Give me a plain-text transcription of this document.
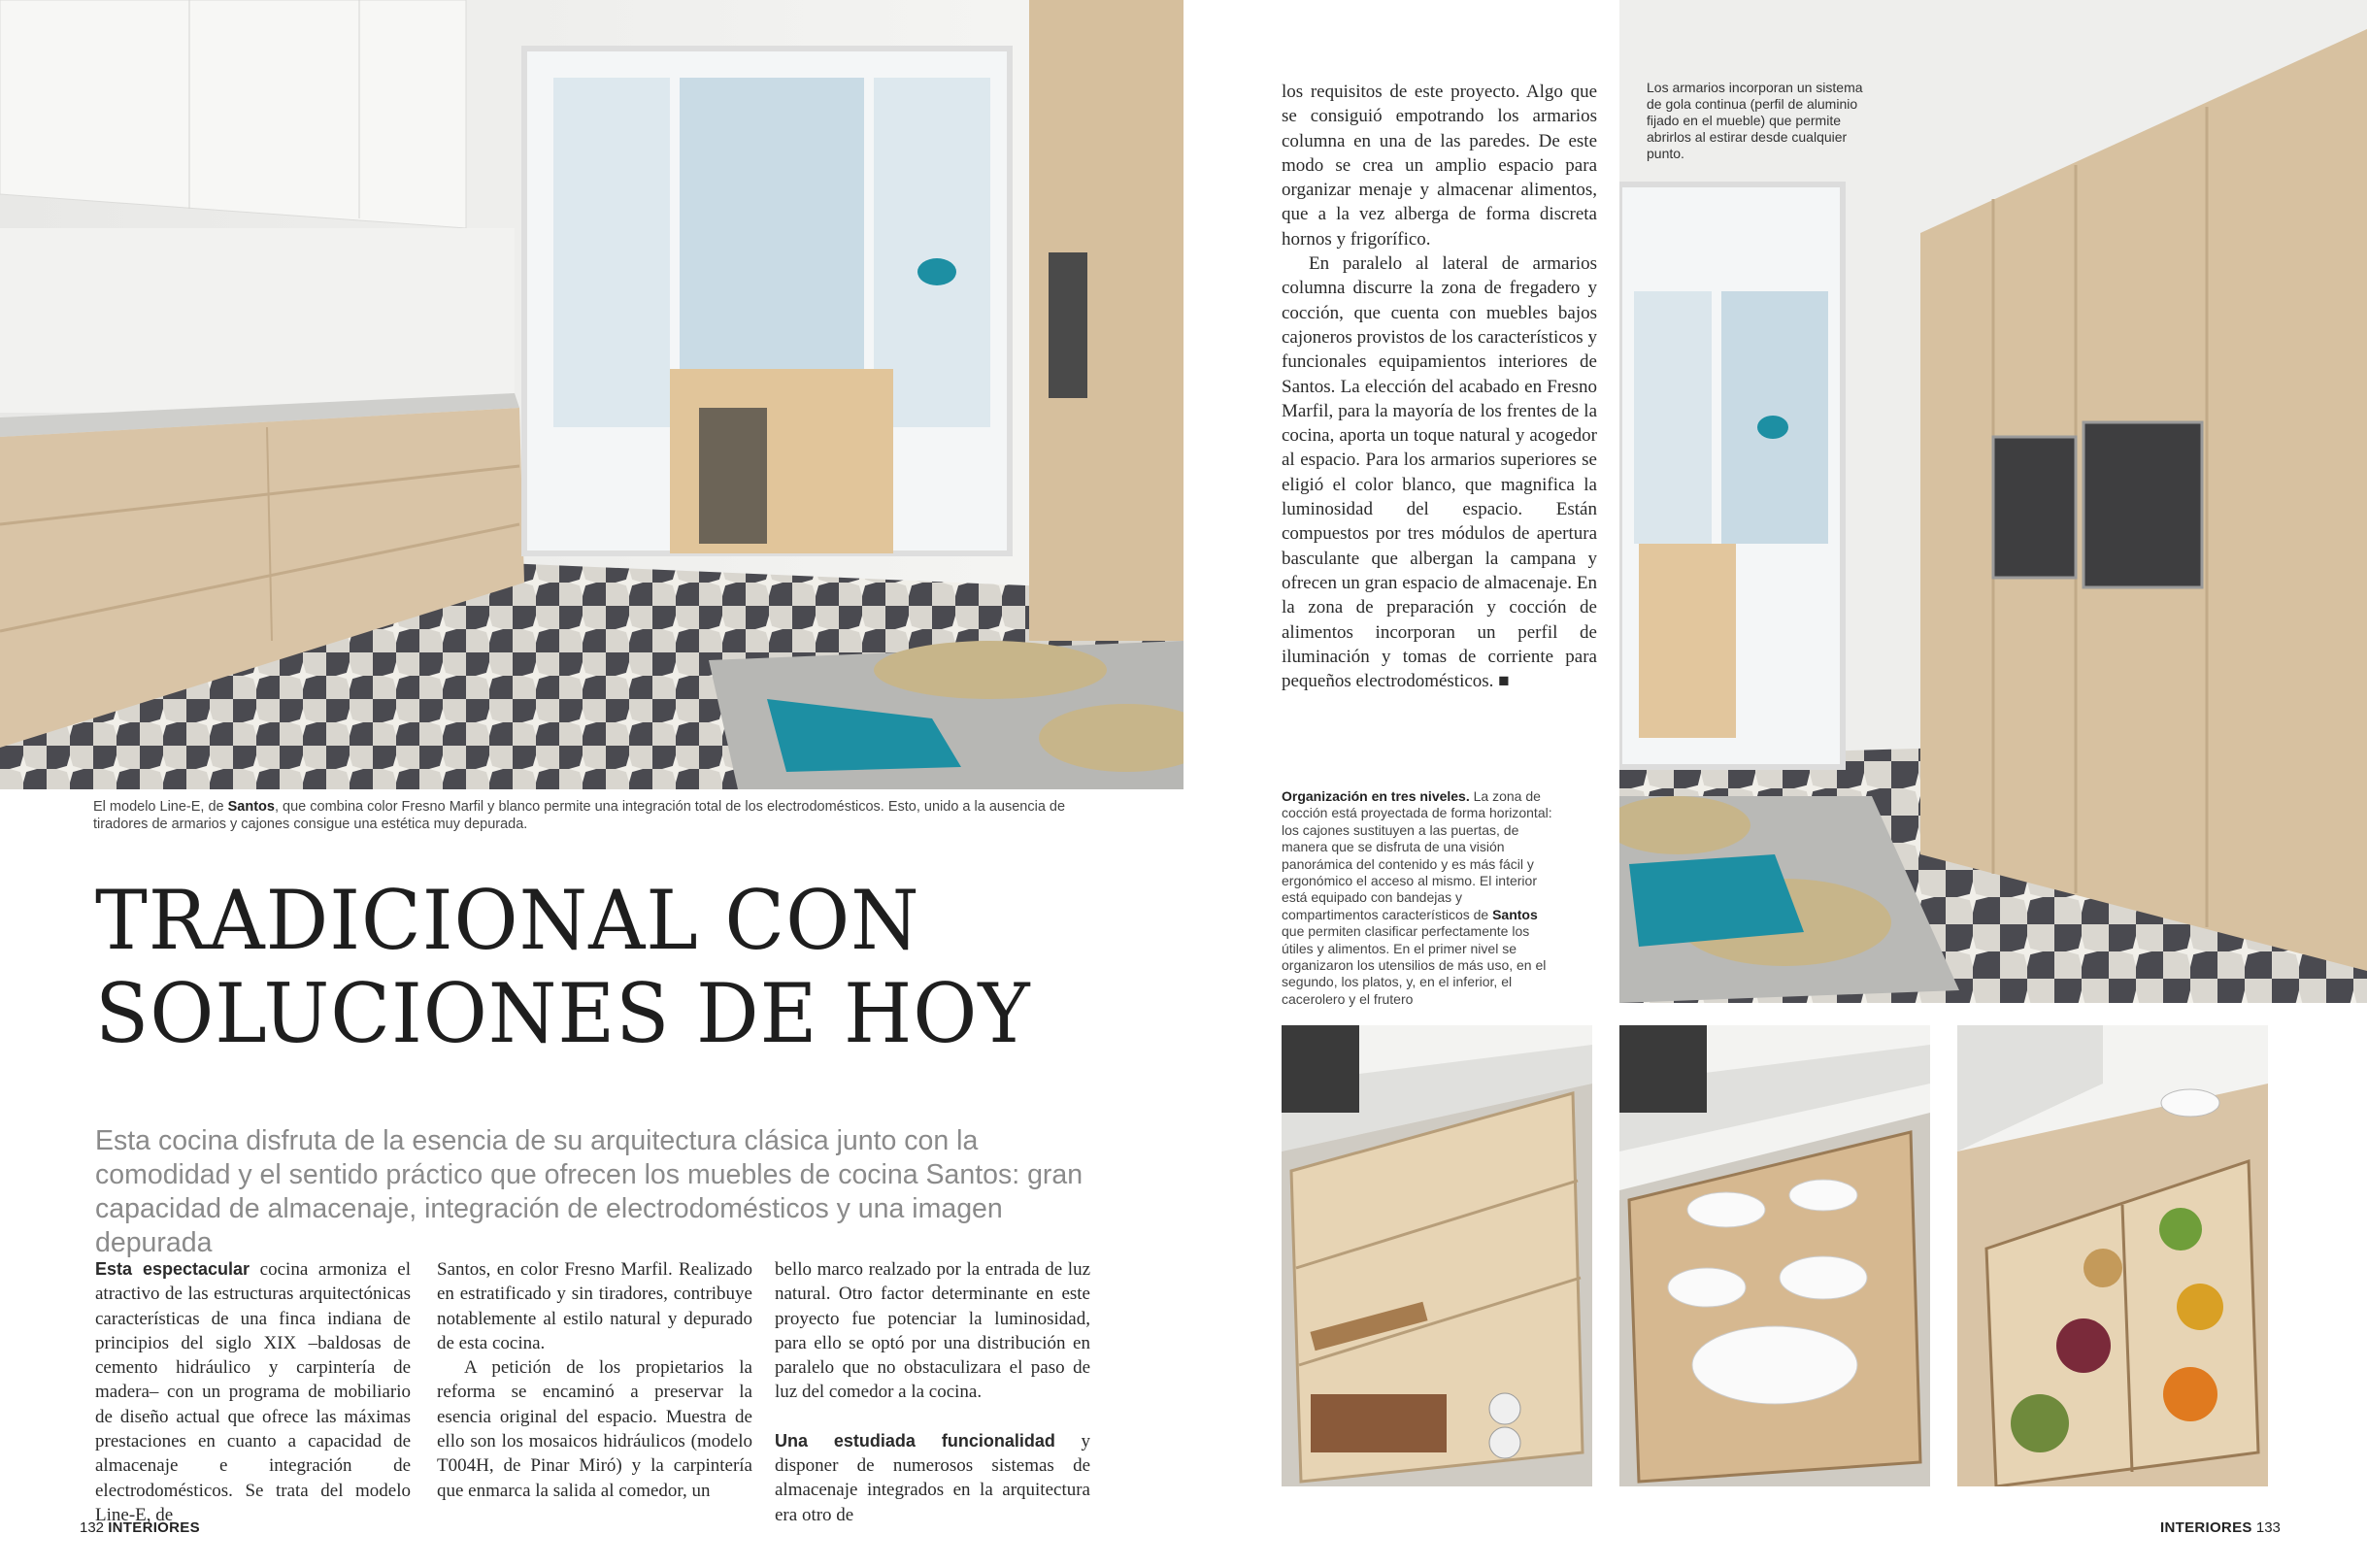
El modelo Line-E, de Santos, que combina color Fresno Marfil y blanco permite una integración total de los electrodomésticos. Esto, unido a la ausencia de tiradores de armarios y cajones consigue una estética muy depurada.
TRADICIONAL CON
SOLUCIONES DE HOY
Esta cocina disfruta de la esencia de su arquitectura clásica junto con la comodidad y el sentido práctico que ofrecen los muebles de cocina Santos: gran capacidad de almacenaje, integración de electrodomésticos y una imagen depurada

Esta espectacular cocina armoniza el atractivo de las estructuras arquitectónicas características de una finca indiana de principios del siglo XIX –baldosas de cemento hidráulico y carpintería de madera– con un programa de mobiliario de diseño actual que ofrece las máximas prestaciones en cuanto a capacidad de almacenaje e integración de electrodomésticos. Se trata del modelo Line-E, de

Santos, en color Fresno Marfil. Realizado en estratificado y sin tiradores, contribuye notablemente al estilo natural y depurado de esta cocina.

A petición de los propietarios la reforma se encaminó a preservar la esencia original del espacio. Muestra de ello son los mosaicos hidráulicos (modelo T004H, de Pinar Miró) y la carpintería que enmarca la salida al comedor, un

bello marco realzado por la entrada de luz natural. Otro factor determinante en este proyecto fue potenciar la luminosidad, para ello se optó por una distribución en paralelo que no obstaculizara el paso de luz del comedor a la cocina.

Una estudiada funcionalidad y disponer de numerosos sistemas de almacenaje integrados en la arquitectura era otro de

132 INTERIORES

los requisitos de este proyecto. Algo que se consiguió empotrando los armarios columna en una de las paredes. De este modo se crea un amplio espacio para organizar menaje y almacenar alimentos, que a la vez alberga de forma discreta hornos y frigorífico.

En paralelo al lateral de armarios columna discurre la zona de fregadero y cocción, que cuenta con muebles bajos cajoneros provistos de los característicos y funcionales equipamientos interiores de Santos. La elección del acabado en Fresno Marfil, para la mayoría de los frentes de la cocina, aporta un toque natural y acogedor al espacio. Para los armarios superiores se eligió el color blanco, que magnifica la luminosidad del espacio. Están compuestos por tres módulos de apertura basculante que albergan la campana y ofrecen un gran espacio de almacenaje. En la zona de preparación y cocción de alimentos incorporan un perfil de iluminación y tomas de corriente para pequeños electrodomésticos. ■

Los armarios incorporan un sistema de gola continua (perfil de aluminio fijado en el mueble) que permite abrirlos al estirar desde cualquier punto.
Organización en tres niveles. La zona de cocción está proyectada de forma horizontal: los cajones sustituyen a las puertas, de manera que se disfruta de una visión panorámica del contenido y es más fácil y ergonómico el acceso al mismo. El interior está equipado con bandejas y compartimentos característicos de Santos que permiten clasificar perfectamente los útiles y alimentos. En el primer nivel se organizaron los utensilios de más uso, en el segundo, los platos, y, en el inferior, el cacerolero y el frutero
INTERIORES 133
